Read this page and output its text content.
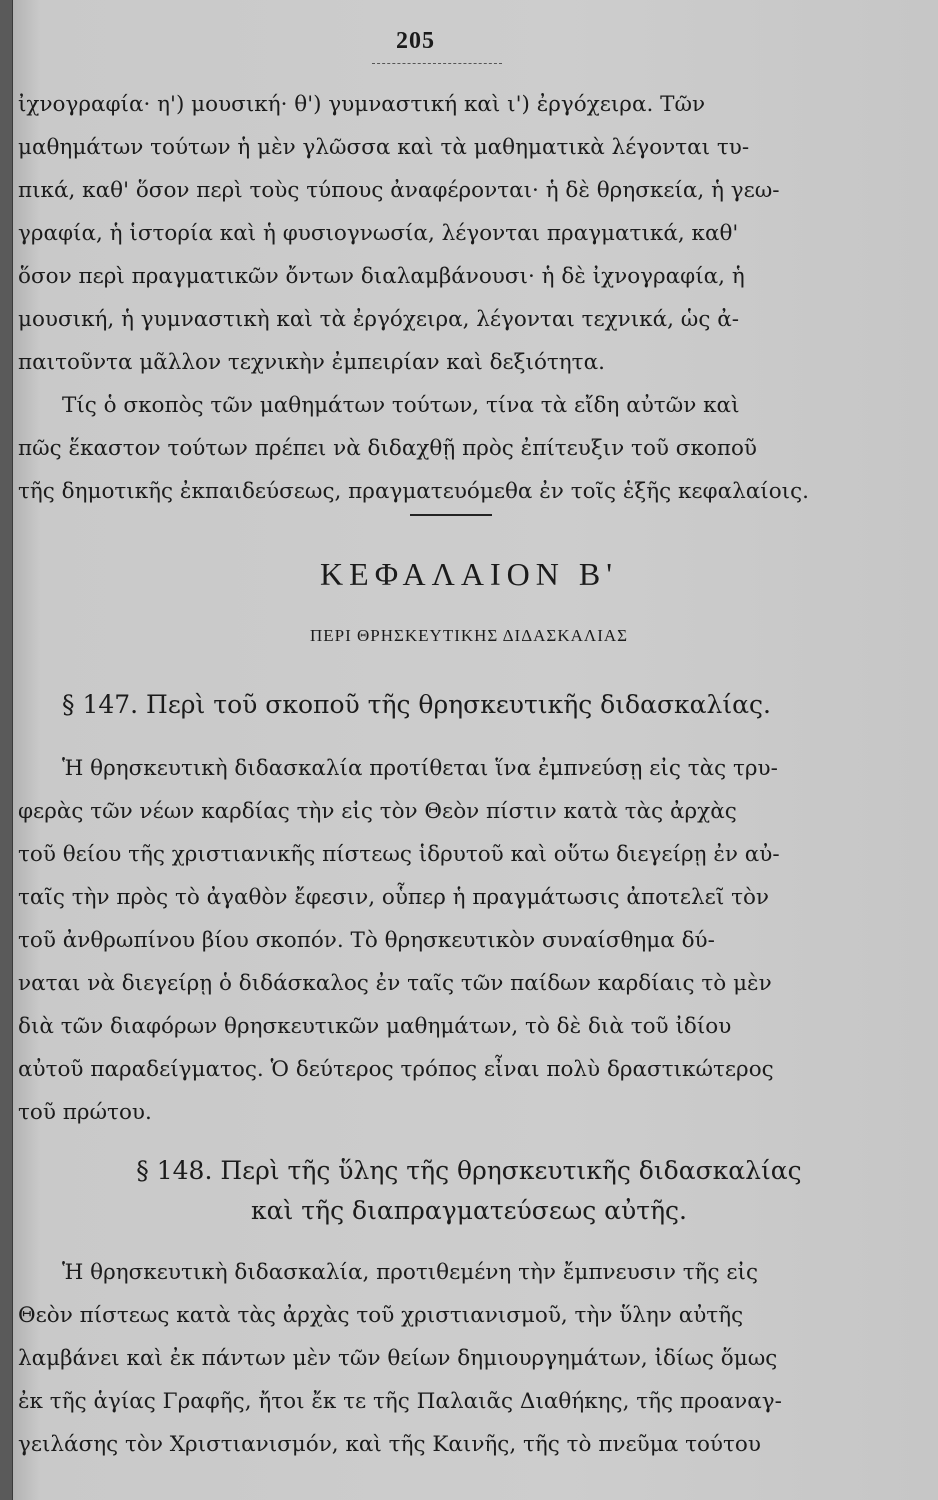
205
ἰχνογραφία· η') μουσική· θ') γυμναστική καὶ ι') ἐργόχειρα. Τῶν
μαθημάτων τούτων ἡ μὲν γλῶσσα καὶ τὰ μαθηματικὰ λέγονται τυ-
πικά, καθ' ὅσον περὶ τοὺς τύπους ἀναφέρονται· ἡ δὲ θρησκεία, ἡ γεω-
γραφία, ἡ ἱστορία καὶ ἡ φυσιογνωσία, λέγονται πραγματικά, καθ'
ὅσον περὶ πραγματικῶν ὄντων διαλαμβάνουσι· ἡ δὲ ἰχνογραφία, ἡ
μουσική, ἡ γυμναστικὴ καὶ τὰ ἐργόχειρα, λέγονται τεχνικά, ὡς ἀ-
παιτοῦντα μᾶλλον τεχνικὴν ἐμπειρίαν καὶ δεξιότητα.
Τίς ὁ σκοπὸς τῶν μαθημάτων τούτων, τίνα τὰ εἴδη αὐτῶν καὶ
πῶς ἕκαστον τούτων πρέπει νὰ διδαχθῇ πρὸς ἐπίτευξιν τοῦ σκοποῦ
τῆς δημοτικῆς ἐκπαιδεύσεως, πραγματευόμεθα ἐν τοῖς ἑξῆς κεφαλαίοις.
ΚΕΦΑΛΑΙΟΝ Β'
ΠΕΡΙ ΘΡΗΣΚΕΥΤΙΚΗΣ ΔΙΔΑΣΚΑΛΙΑΣ
§ 147. Περὶ τοῦ σκοποῦ τῆς θρησκευτικῆς διδασκαλίας.
Ἡ θρησκευτικὴ διδασκαλία προτίθεται ἵνα ἐμπνεύσῃ εἰς τὰς τρυ-
φερὰς τῶν νέων καρδίας τὴν εἰς τὸν Θεὸν πίστιν κατὰ τὰς ἀρχὰς
τοῦ θείου τῆς χριστιανικῆς πίστεως ἱδρυτοῦ καὶ οὕτω διεγείρῃ ἐν αὐ-
ταῖς τὴν πρὸς τὸ ἀγαθὸν ἔφεσιν, οὗπερ ἡ πραγμάτωσις ἀποτελεῖ τὸν
τοῦ ἀνθρωπίνου βίου σκοπόν. Τὸ θρησκευτικὸν συναίσθημα δύ-
ναται νὰ διεγείρῃ ὁ διδάσκαλος ἐν ταῖς τῶν παίδων καρδίαις τὸ μὲν
διὰ τῶν διαφόρων θρησκευτικῶν μαθημάτων, τὸ δὲ διὰ τοῦ ἰδίου
αὐτοῦ παραδείγματος. Ὁ δεύτερος τρόπος εἶναι πολὺ δραστικώτερος
τοῦ πρώτου.
§ 148. Περὶ τῆς ὕλης τῆς θρησκευτικῆς διδασκαλίας
καὶ τῆς διαπραγματεύσεως αὐτῆς.
Ἡ θρησκευτικὴ διδασκαλία, προτιθεμένη τὴν ἔμπνευσιν τῆς εἰς
Θεὸν πίστεως κατὰ τὰς ἀρχὰς τοῦ χριστιανισμοῦ, τὴν ὕλην αὐτῆς
λαμβάνει καὶ ἐκ πάντων μὲν τῶν θείων δημιουργημάτων, ἰδίως ὅμως
ἐκ τῆς ἁγίας Γραφῆς, ἤτοι ἔκ τε τῆς Παλαιᾶς Διαθήκης, τῆς προαναγ-
γειλάσης τὸν Χριστιανισμόν, καὶ τῆς Καινῆς, τῆς τὸ πνεῦμα τούτου
